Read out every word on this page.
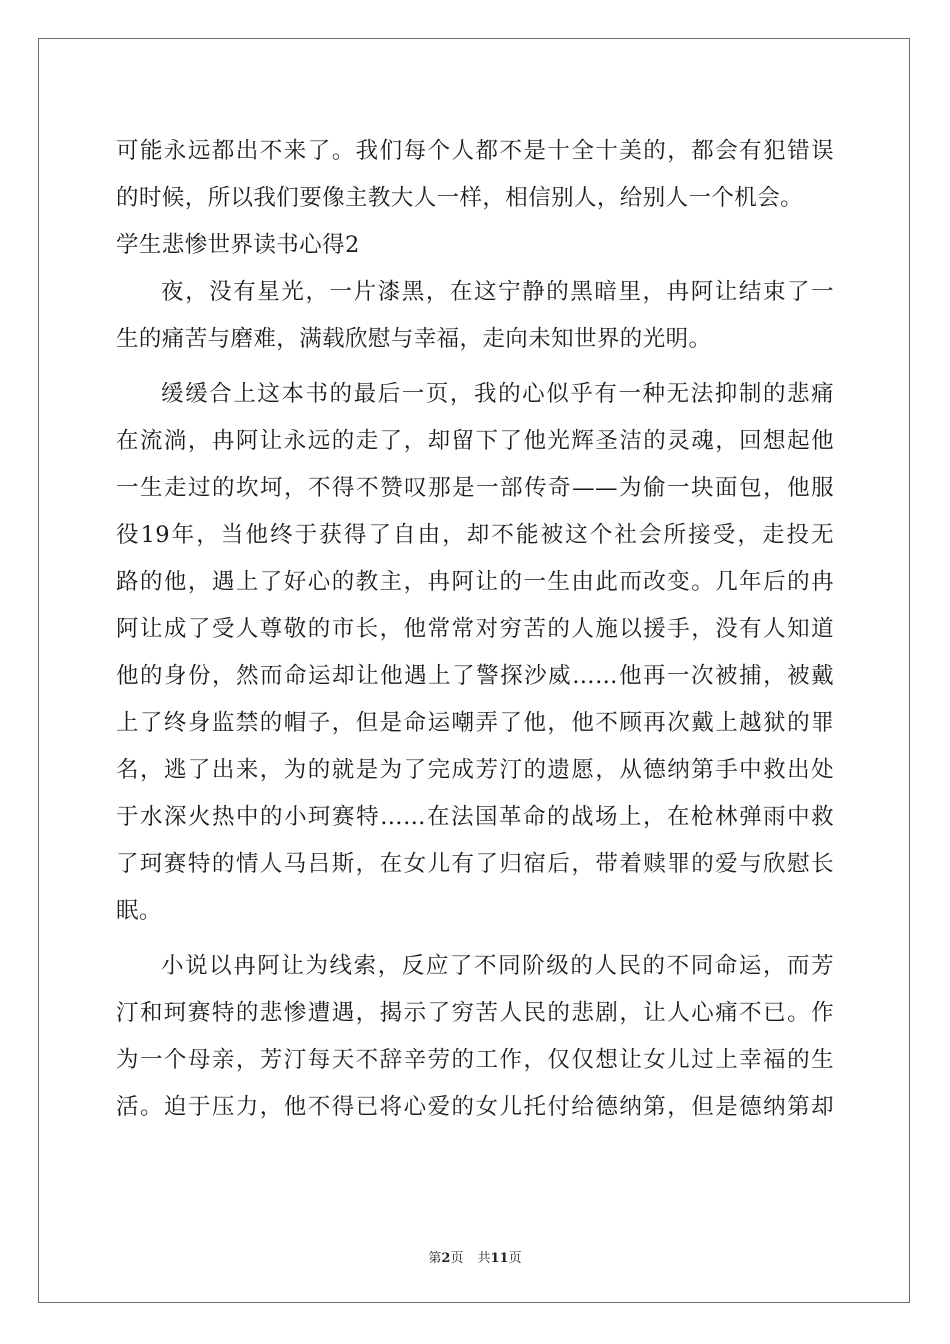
可能永远都出不来了。我们每个人都不是十全十美的，都会有犯错误
的时候，所以我们要像主教大人一样，相信别人，给别人一个机会。
学生悲惨世界读书心得2
夜，没有星光，一片漆黑，在这宁静的黑暗里，冉阿让结束了一
生的痛苦与磨难，满载欣慰与幸福，走向未知世界的光明。
缓缓合上这本书的最后一页，我的心似乎有一种无法抑制的悲痛
在流淌，冉阿让永远的走了，却留下了他光辉圣洁的灵魂，回想起他
一生走过的坎坷，不得不赞叹那是一部传奇——为偷一块面包，他服
役19年，当他终于获得了自由，却不能被这个社会所接受，走投无
路的他，遇上了好心的教主，冉阿让的一生由此而改变。几年后的冉
阿让成了受人尊敬的市长，他常常对穷苦的人施以援手，没有人知道
他的身份，然而命运却让他遇上了警探沙威……他再一次被捕，被戴
上了终身监禁的帽子，但是命运嘲弄了他，他不顾再次戴上越狱的罪
名，逃了出来，为的就是为了完成芳汀的遗愿，从德纳第手中救出处
于水深火热中的小珂赛特……在法国革命的战场上，在枪林弹雨中救
了珂赛特的情人马吕斯，在女儿有了归宿后，带着赎罪的爱与欣慰长
眠。
小说以冉阿让为线索，反应了不同阶级的人民的不同命运，而芳
汀和珂赛特的悲惨遭遇，揭示了穷苦人民的悲剧，让人心痛不已。作
为一个母亲，芳汀每天不辞辛劳的工作，仅仅想让女儿过上幸福的生
活。迫于压力，他不得已将心爱的女儿托付给德纳第，但是德纳第却
第2页 共11页
